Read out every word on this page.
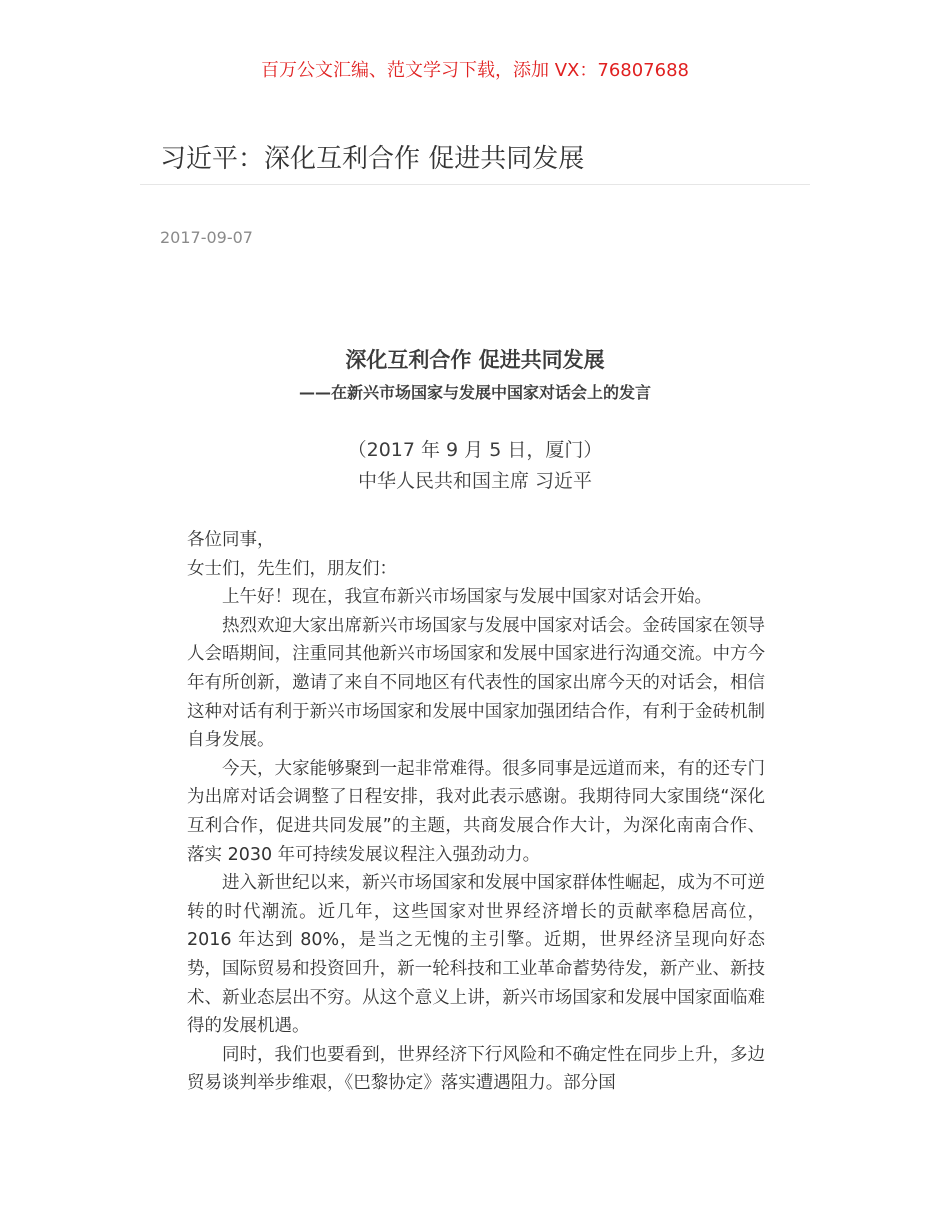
百万公文汇编、范文学习下载，添加 VX：76807688
习近平：深化互利合作 促进共同发展
2017-09-07
深化互利合作 促进共同发展
——在新兴市场国家与发展中国家对话会上的发言
（2017 年 9 月 5 日，厦门）
中华人民共和国主席 习近平

各位同事，

女士们，先生们，朋友们：

上午好！现在，我宣布新兴市场国家与发展中国家对话会开始。

热烈欢迎大家出席新兴市场国家与发展中国家对话会。金砖国家在领导人会晤期间，注重同其他新兴市场国家和发展中国家进行沟通交流。中方今年有所创新，邀请了来自不同地区有代表性的国家出席今天的对话会，相信这种对话有利于新兴市场国家和发展中国家加强团结合作，有利于金砖机制自身发展。

今天，大家能够聚到一起非常难得。很多同事是远道而来，有的还专门为出席对话会调整了日程安排，我对此表示感谢。我期待同大家围绕“深化互利合作，促进共同发展”的主题，共商发展合作大计，为深化南南合作、落实 2030 年可持续发展议程注入强劲动力。

进入新世纪以来，新兴市场国家和发展中国家群体性崛起，成为不可逆转的时代潮流。近几年，这些国家对世界经济增长的贡献率稳居高位，2016 年达到 80%，是当之无愧的主引擎。近期，世界经济呈现向好态势，国际贸易和投资回升，新一轮科技和工业革命蓄势待发，新产业、新技术、新业态层出不穷。从这个意义上讲，新兴市场国家和发展中国家面临难得的发展机遇。

同时，我们也要看到，世界经济下行风险和不确定性在同步上升，多边贸易谈判举步维艰，《巴黎协定》落实遭遇阻力。部分国
